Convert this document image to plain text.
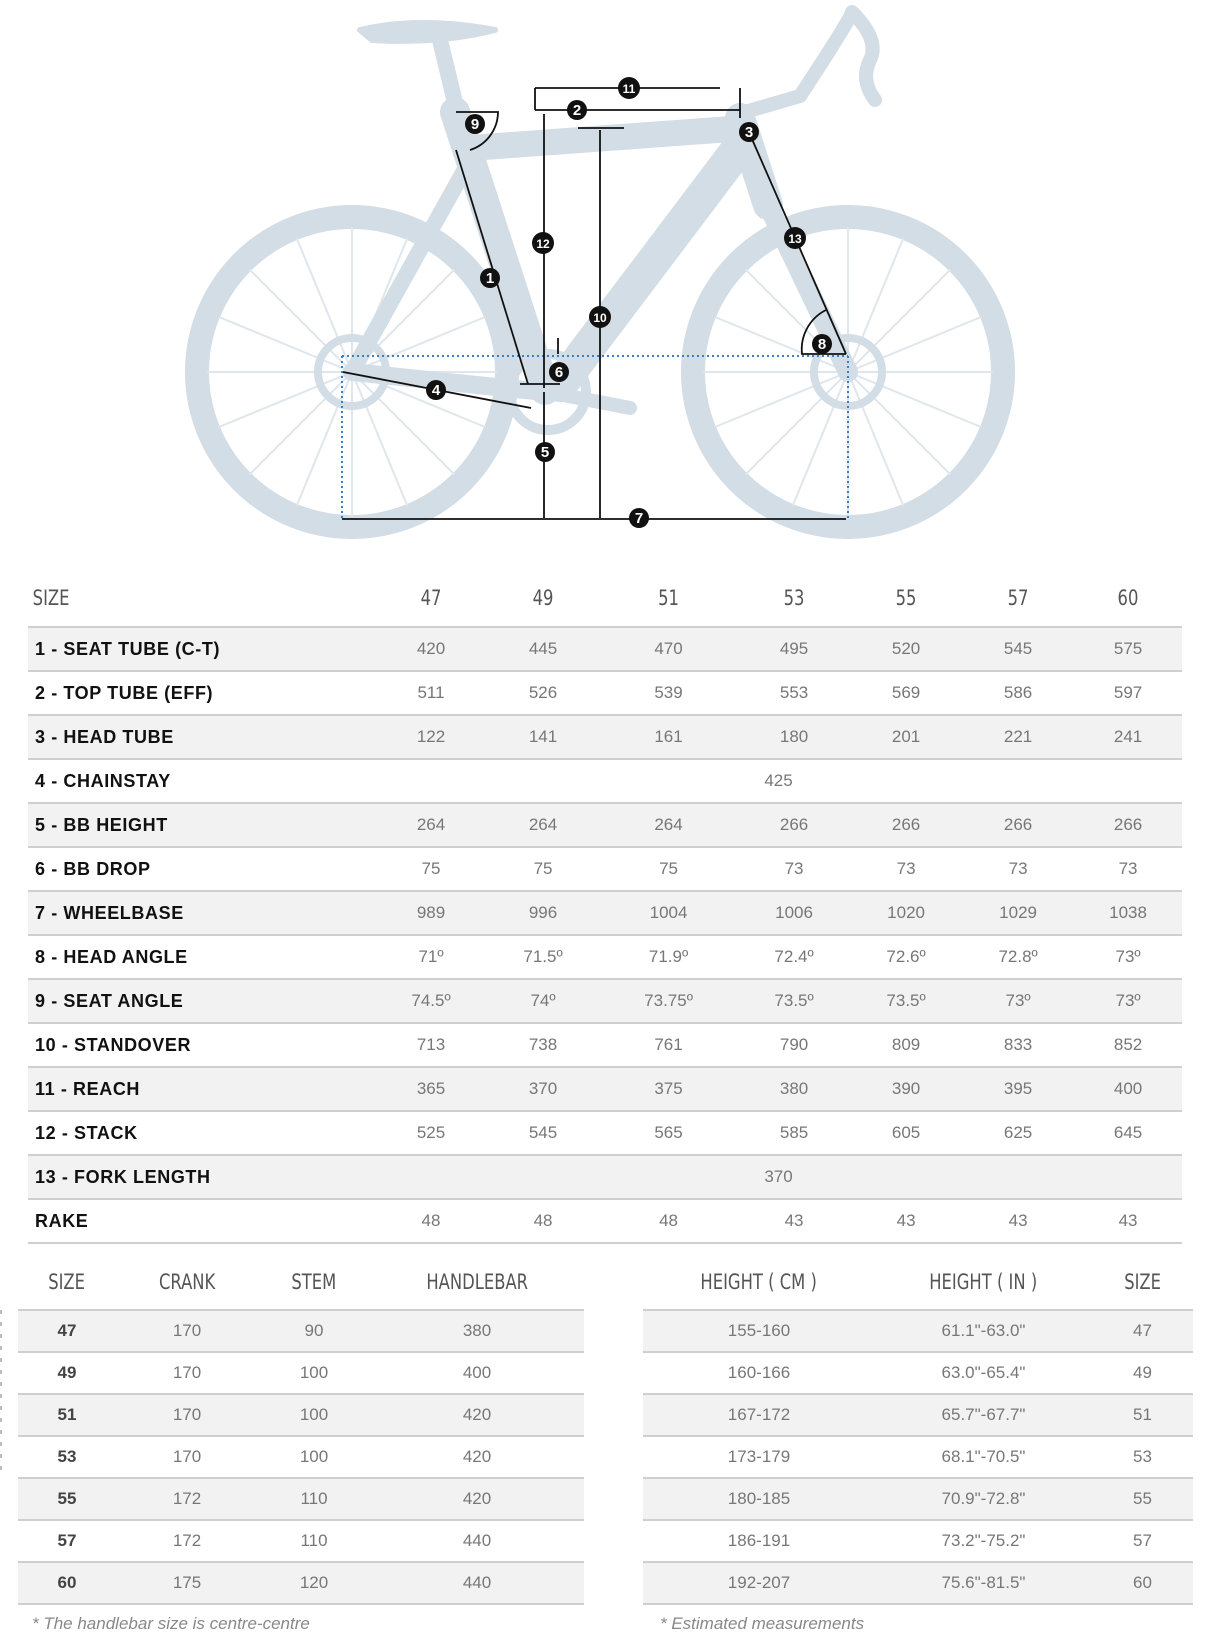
1
2
3
4
5
6
7
8
9
10
11
12	13
SIZE	47	49	51	53	55	57	60
1 - SEAT TUBE (C-T)	420	445	470	495	520	545	575
2 - TOP TUBE (EFF)	511	526	539	553	569	586	597
3 - HEAD TUBE	122	141	161	180	201	221	241
4 - CHAINSTAY	425						
5 - BB HEIGHT	264	264	264	266	266	266	266
6 - BB DROP	75	75	75	73	73	73	73
7 - WHEELBASE	989	996	1004	1006	1020	1029	1038
8 - HEAD ANGLE	71º	71.5º	71.9º	72.4º	72.6º	72.8º	73º
9 - SEAT ANGLE	74.5º	74º	73.75º	73.5º	73.5º	73º	73º
10 - STANDOVER	713	738	761	790	809	833	852
11 - REACH	365	370	375	380	390	395	400
12 - STACK	525	545	565	585	605	625	645
13 - FORK LENGTH	370						
RAKE	48	48	48	43	43	43	43
SIZE	CRANK	STEM	HANDLEBAR
47	170	90	380
49	170	100	400
51	170	100	420
53	170	100	420
55	172	110	420
57	172	110	440
60	175	120	440
HEIGHT ( CM )	HEIGHT ( IN )	SIZE
155-160	61.1"-63.0"	47
160-166	63.0"-65.4"	49
167-172	65.7"-67.7"	51
173-179	68.1"-70.5"	53
180-185	70.9"-72.8"	55
186-191	73.2"-75.2"	57
192-207	75.6"-81.5"	60
* The handlebar size is centre-centre	* Estimated measurements
